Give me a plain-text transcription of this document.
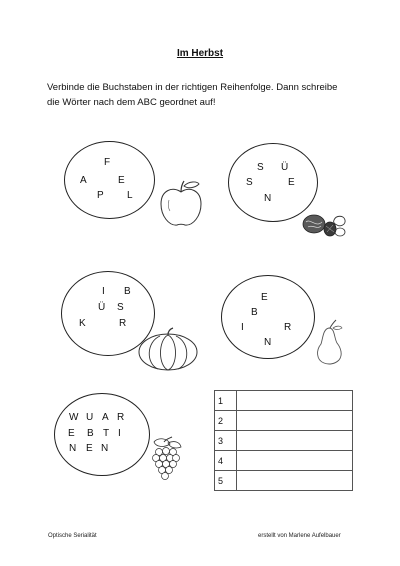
Im Herbst
Verbinde die Buchstaben in der richtigen Reihenfolge. Dann schreibe
die Wörter nach dem ABC geordnet auf!
F
A	E
P L
S Ü
S	E
N
I B
Ü S
K	R
E
B
I	R
N
W U A R
E B T I
N E N
1	
2	
3	
4	
5	
Optische Serialität	erstellt von Marlene Aufelbauer
